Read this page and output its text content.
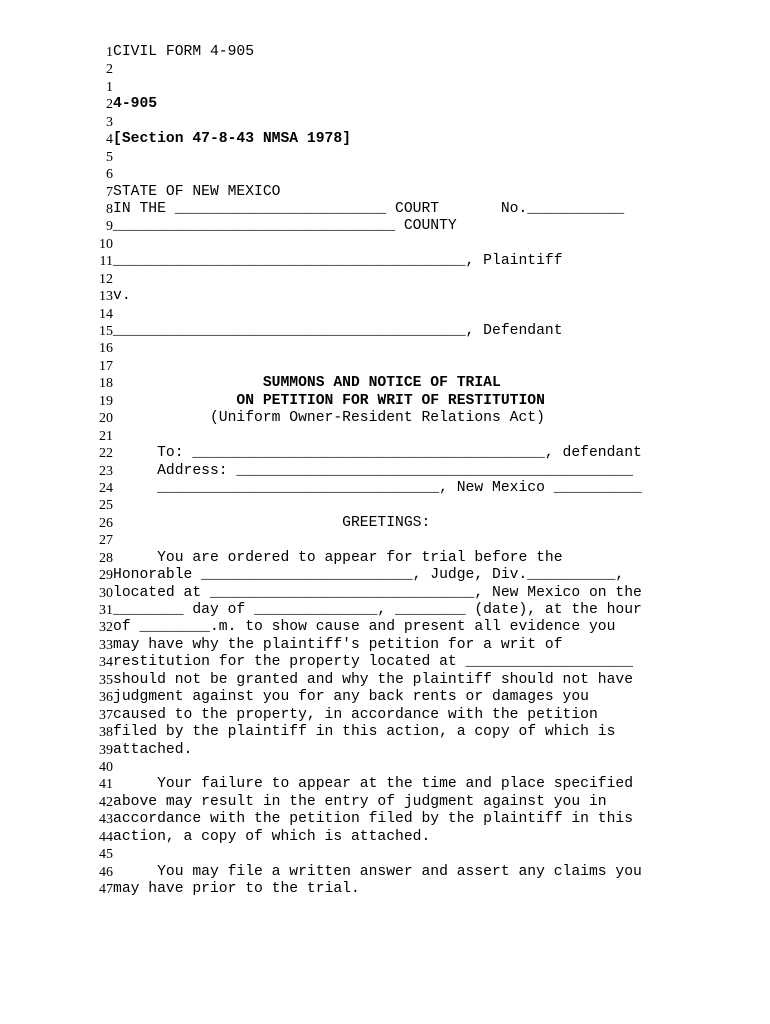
1 CIVIL FORM 4-905
2
1
2 4-905
3
4 [Section 47-8-43 NMSA 1978]
5
6
7 STATE OF NEW MEXICO
8 IN THE ________________________ COURT       No.___________
9 ________________________________ COUNTY
10
11 ________________________________________, Plaintiff
12
13 v.
14
15 ________________________________________, Defendant
16
17
18 SUMMONS AND NOTICE OF TRIAL
19 ON PETITION FOR WRIT OF RESTITUTION
20 (Uniform Owner-Resident Relations Act)
21
22 To: ________________________________________, defendant
23 Address: _____________________________________________
24 ________________________________, New Mexico __________
25
26 GREETINGS:
27
28 You are ordered to appear for trial before the
29 Honorable ________________________, Judge, Div.__________,
30 located at ______________________________, New Mexico on the
31 ________ day of ______________, ________ (date), at the hour
32 of ________.m. to show cause and present all evidence you
33 may have why the plaintiff's petition for a writ of
34 restitution for the property located at ___________________
35 should not be granted and why the plaintiff should not have
36 judgment against you for any back rents or damages you
37 caused to the property, in accordance with the petition
38 filed by the plaintiff in this action, a copy of which is
39 attached.
40
41 Your failure to appear at the time and place specified
42 above may result in the entry of judgment against you in
43 accordance with the petition filed by the plaintiff in this
44 action, a copy of which is attached.
45
46 You may file a written answer and assert any claims you
47 may have prior to the trial.
